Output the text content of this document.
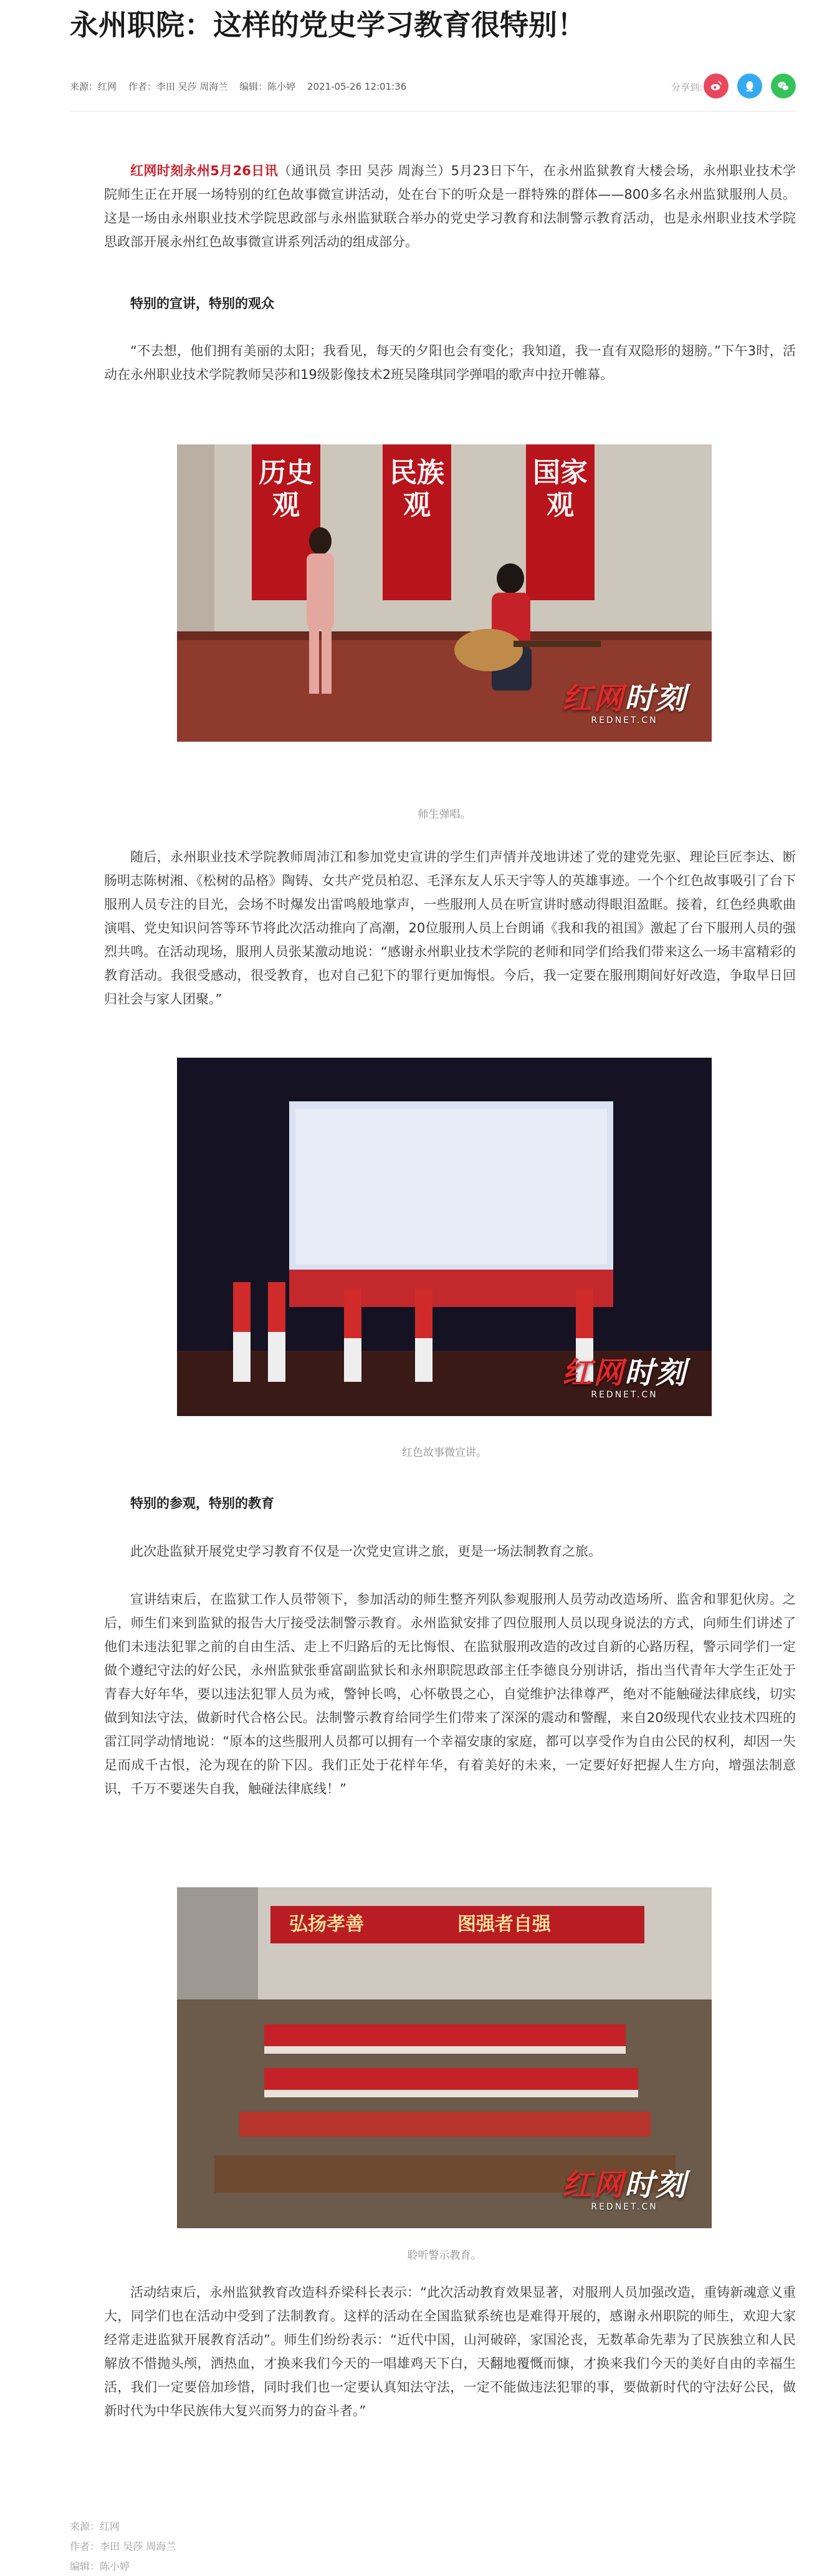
永州职院：这样的党史学习教育很特别！
来源：红网 作者：李田 吴莎 周海兰 编辑：陈小婷 2021-05-26 12:01:36	分享到:

红网时刻永州5月26日讯（通讯员 李田 吴莎 周海兰）5月23日下午，在永州监狱教育大楼会场，永州职业技术学院师生正在开展一场特别的红色故事微宣讲活动，处在台下的听众是一群特殊的群体——800多名永州监狱服刑人员。这是一场由永州职业技术学院思政部与永州监狱联合举办的党史学习教育和法制警示教育活动，也是永州职业技术学院思政部开展永州红色故事微宣讲系列活动的组成部分。

特别的宣讲，特别的观众

“不去想，他们拥有美丽的太阳；我看见，每天的夕阳也会有变化；我知道，我一直有双隐形的翅膀。”下午3时，活动在永州职业技术学院教师吴莎和19级影像技术2班吴隆琪同学弹唱的歌声中拉开帷幕。

历史观
民族观
国家观
红网时刻
REDNET.CN

师生弹唱。

随后，永州职业技术学院教师周沛江和参加党史宣讲的学生们声情并茂地讲述了党的建党先驱、理论巨匠李达、断肠明志陈树湘、《松树的品格》陶铸、女共产党员柏忍、毛泽东友人乐天宇等人的英雄事迹。一个个红色故事吸引了台下服刑人员专注的目光，会场不时爆发出雷鸣般地掌声，一些服刑人员在听宣讲时感动得眼泪盈眶。接着，红色经典歌曲演唱、党史知识问答等环节将此次活动推向了高潮，20位服刑人员上台朗诵《我和我的祖国》激起了台下服刑人员的强烈共鸣。在活动现场，服刑人员张某激动地说：“感谢永州职业技术学院的老师和同学们给我们带来这么一场丰富精彩的教育活动。我很受感动，很受教育，也对自己犯下的罪行更加悔恨。今后，我一定要在服刑期间好好改造，争取早日回归社会与家人团聚。”

红网时刻
REDNET.CN

红色故事微宣讲。

特别的参观，特别的教育

此次赴监狱开展党史学习教育不仅是一次党史宣讲之旅，更是一场法制教育之旅。

宣讲结束后，在监狱工作人员带领下，参加活动的师生整齐列队参观服刑人员劳动改造场所、监舍和罪犯伙房。之后，师生们来到监狱的报告大厅接受法制警示教育。永州监狱安排了四位服刑人员以现身说法的方式，向师生们讲述了他们未违法犯罪之前的自由生活、走上不归路后的无比悔恨、在监狱服刑改造的改过自新的心路历程，警示同学们一定做个遵纪守法的好公民，永州监狱张垂富副监狱长和永州职院思政部主任李德良分别讲话，指出当代青年大学生正处于青春大好年华，要以违法犯罪人员为戒，警钟长鸣，心怀敬畏之心，自觉维护法律尊严，绝对不能触碰法律底线，切实做到知法守法，做新时代合格公民。法制警示教育给同学生们带来了深深的震动和警醒，来自20级现代农业技术四班的雷江同学动情地说：“原本的这些服刑人员都可以拥有一个幸福安康的家庭，都可以享受作为自由公民的权利，却因一失足而成千古恨，沦为现在的阶下囚。我们正处于花样年华，有着美好的未来，一定要好好把握人生方向，增强法制意识，千万不要迷失自我，触碰法律底线！”

弘扬孝善	图强者自强
红网时刻
REDNET.CN

聆听警示教育。

活动结束后，永州监狱教育改造科乔梁科长表示：“此次活动教育效果显著，对服刑人员加强改造，重铸新魂意义重大，同学们也在活动中受到了法制教育。这样的活动在全国监狱系统也是难得开展的，感谢永州职院的师生，欢迎大家经常走进监狱开展教育活动”。师生们纷纷表示：“近代中国，山河破碎，家国沦丧，无数革命先辈为了民族独立和人民解放不惜抛头颅，洒热血，才换来我们今天的一唱雄鸡天下白，天翻地覆慨而慷，才换来我们今天的美好自由的幸福生活，我们一定要倍加珍惜，同时我们也一定要认真知法守法，一定不能做违法犯罪的事，要做新时代的守法好公民，做新时代为中华民族伟大复兴而努力的奋斗者。”

来源：红网
作者：李田 吴莎 周海兰
编辑：陈小婷
